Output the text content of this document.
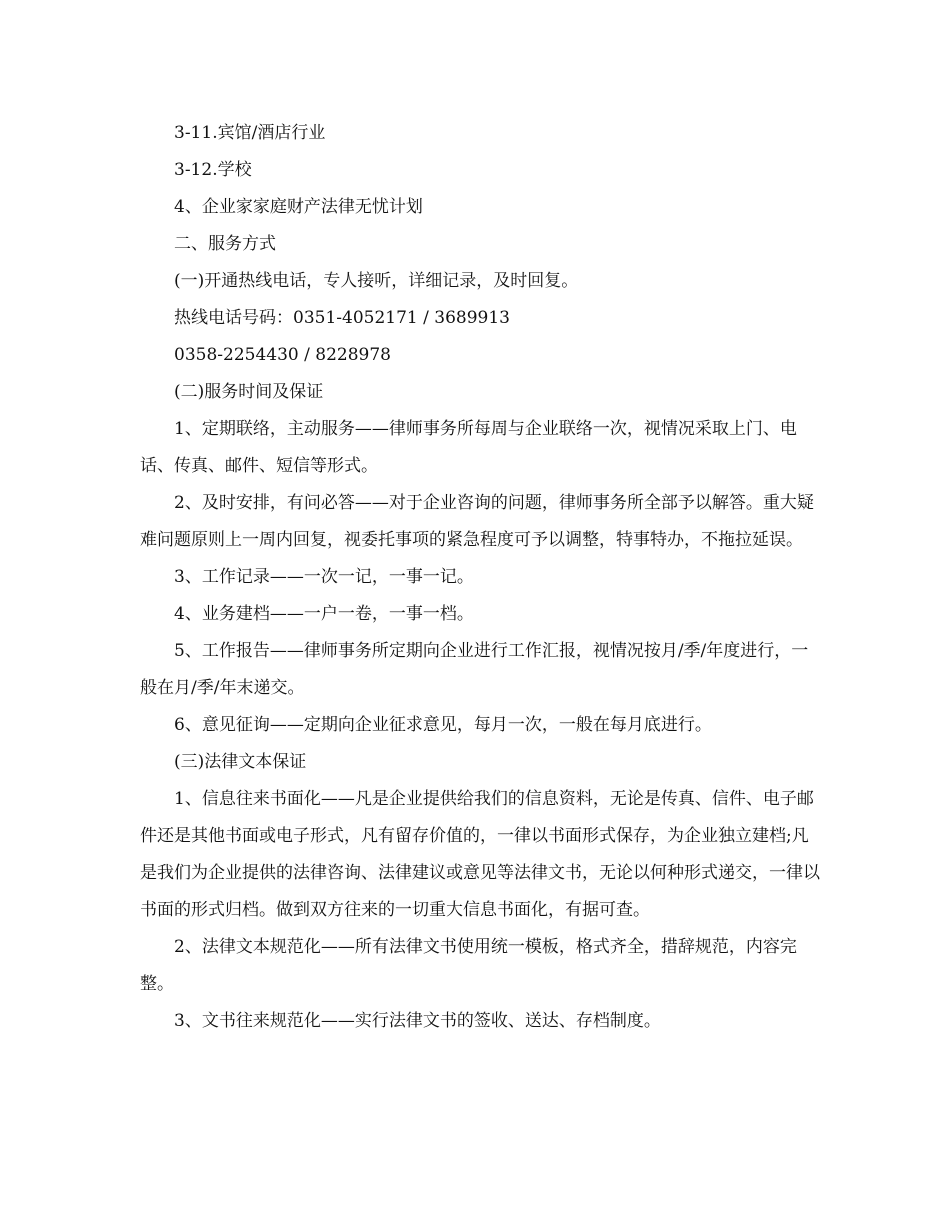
3-11.宾馆/酒店行业

3-12.学校

4、企业家家庭财产法律无忧计划

二、服务方式

(一)开通热线电话，专人接听，详细记录，及时回复。

热线电话号码：0351-4052171 / 3689913

0358-2254430 / 8228978

(二)服务时间及保证

1、定期联络，主动服务——律师事务所每周与企业联络一次，视情况采取上门、电话、传真、邮件、短信等形式。

2、及时安排，有问必答——对于企业咨询的问题，律师事务所全部予以解答。重大疑难问题原则上一周内回复，视委托事项的紧急程度可予以调整，特事特办，不拖拉延误。

3、工作记录——一次一记，一事一记。

4、业务建档——一户一卷，一事一档。

5、工作报告——律师事务所定期向企业进行工作汇报，视情况按月/季/年度进行，一般在月/季/年末递交。

6、意见征询——定期向企业征求意见，每月一次，一般在每月底进行。

(三)法律文本保证

1、信息往来书面化——凡是企业提供给我们的信息资料，无论是传真、信件、电子邮件还是其他书面或电子形式，凡有留存价值的，一律以书面形式保存，为企业独立建档;凡是我们为企业提供的法律咨询、法律建议或意见等法律文书，无论以何种形式递交，一律以书面的形式归档。做到双方往来的一切重大信息书面化，有据可查。

2、法律文本规范化——所有法律文书使用统一模板，格式齐全，措辞规范，内容完整。

3、文书往来规范化——实行法律文书的签收、送达、存档制度。
